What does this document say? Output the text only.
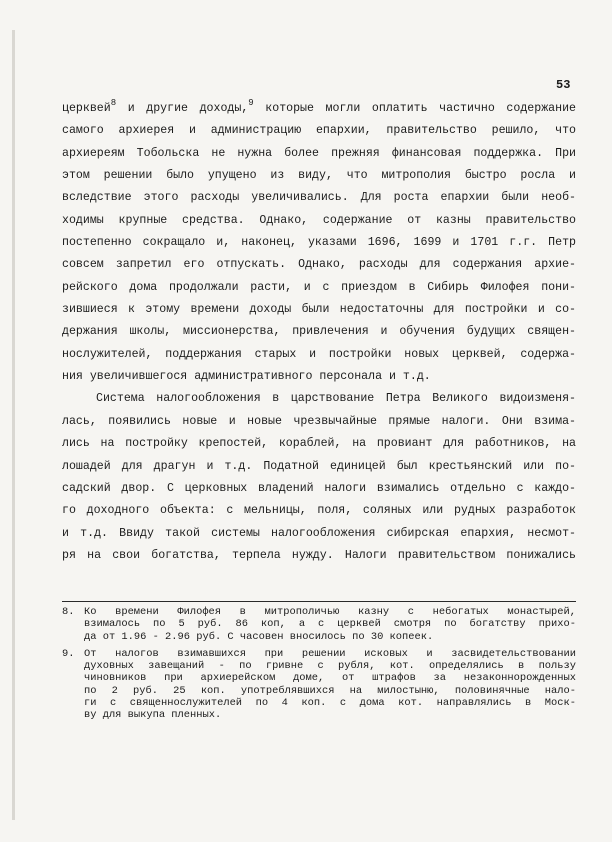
53
церквей$^8$ и другие доходы,$^9$ которые могли оплатить частично содержание
самого архиерея и администрацию епархии, правительство решило, что
архиереям Тобольска не нужна более прежняя финансовая поддержка. При
этом решении было упущено из виду, что митрополия быстро росла и
вследствие этого расходы увеличивались. Для роста епархии были необ-
ходимы крупные средства. Однако, содержание от казны правительство
постепенно сокращало и, наконец, указами 1696, 1699 и 1701 г.г. Петр
совсем запретил его отпускать. Однако, расходы для содержания архие-
рейского дома продолжали расти, и с приездом в Сибирь Филофея пони-
зившиеся к этому времени доходы были недостаточны для постройки и со-
держания школы, миссионерства, привлечения и обучения будущих священ-
нослужителей, поддержания старых и постройки новых церквей, содержа-
ния увеличившегося административного персонала и т.д.
Система налогообложения в царствование Петра Великого видоизменя-
лась, появились новые и новые чрезвычайные прямые налоги. Они взима-
лись на постройку крепостей, кораблей, на провиант для работников, на
лошадей для драгун и т.д. Податной единицей был крестьянский или по-
садский двор. С церковных владений налоги взимались отдельно с каждо-
го доходного объекта: с мельницы, поля, соляных или рудных разработок
и т.д. Ввиду такой системы налогообложения сибирская епархия, несмот-
ря на свои богатства, терпела нужду. Налоги правительством понижались
8. Ко времени Филофея в митрополичью казну с небогатых монастырей,
взималось по 5 руб. 86 коп, а с церквей смотря по богатству прихо-
да от 1.96 - 2.96 руб. С часовен вносилось по 30 копеек.
9. От налогов взимавшихся при решении исковых и засвидетельствовании
духовных завещаний - по гривне с рубля, кот. определялись в пользу
чиновников при архиерейском доме, от штрафов за незаконнорожденных
по 2 руб. 25 коп. употреблявшихся на милостыню, половинячные нало-
ги с священнослужителей по 4 коп. с дома кот. направлялись в Моск-
ву для выкупа пленных.
